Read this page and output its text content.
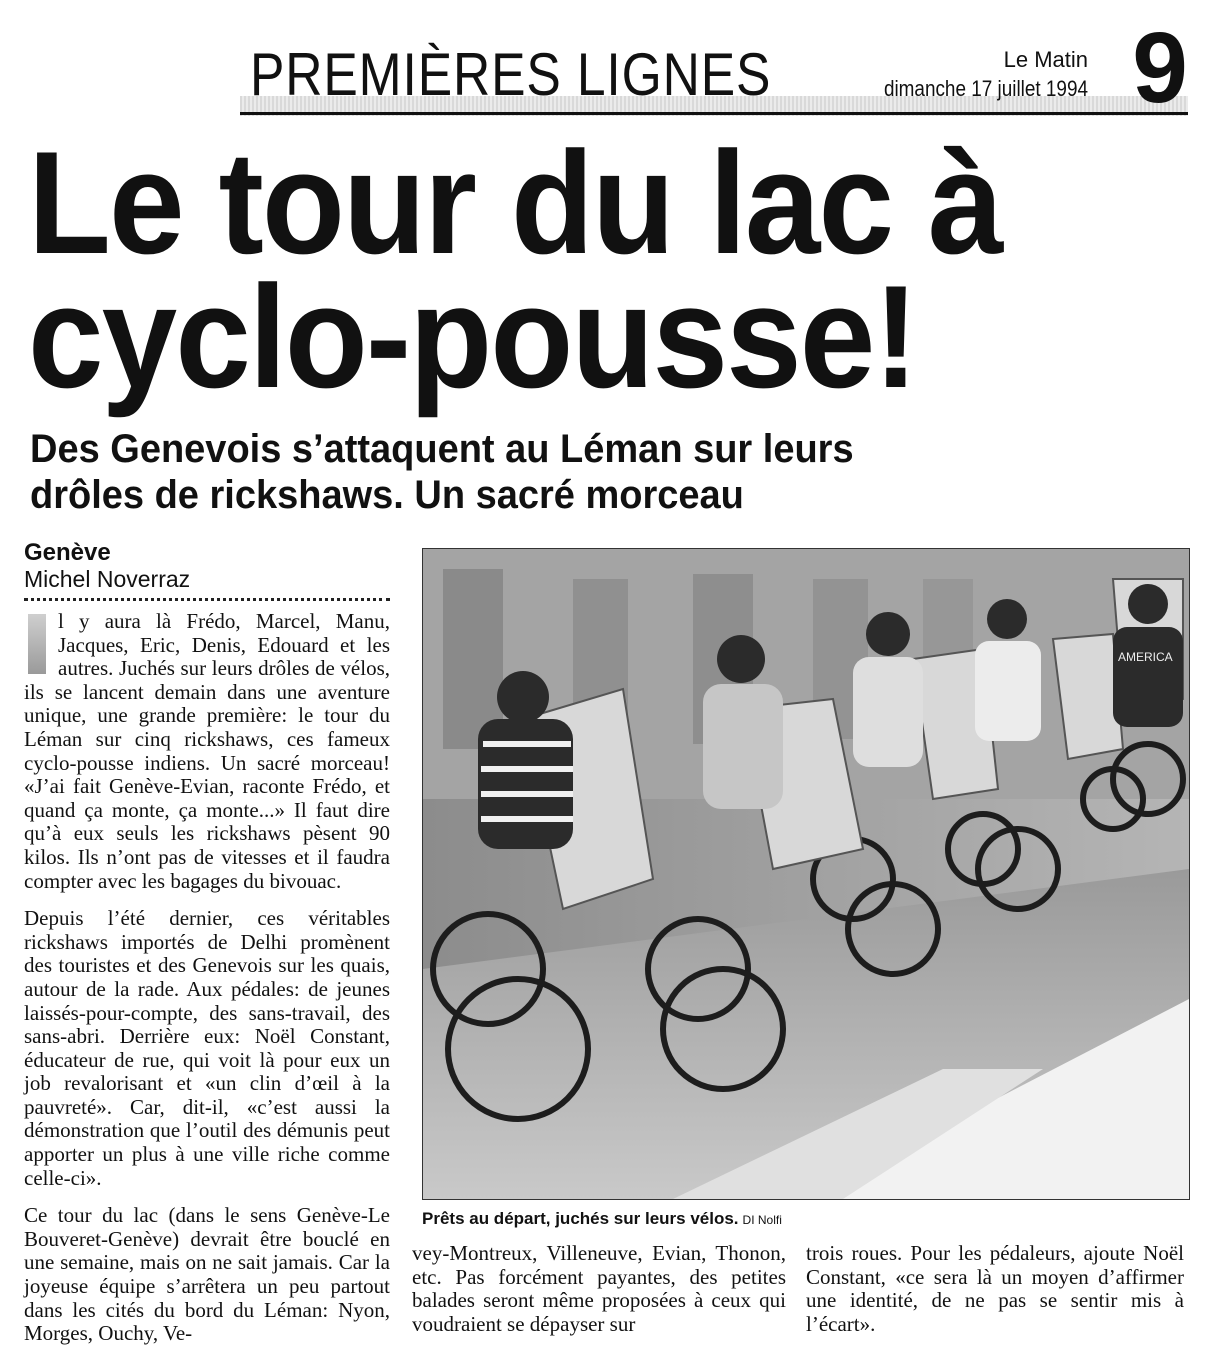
PREMIÈRES LIGNES	Le Matin
dimanche 17 juillet 1994 9
Le tour du lac à
cyclo-pousse!
Des Genevois s’attaquent au Léman sur leurs
drôles de rickshaws. Un sacré morceau
Genève
Michel Noverraz

l y aura là Frédo, Marcel, Manu, Jacques, Eric, Denis, Edouard et les autres. Juchés sur leurs drôles de vélos, ils se lancent demain dans une aventure unique, une grande première: le tour du Léman sur cinq rickshaws, ces fameux cyclo-pousse indiens. Un sacré morceau! «J’ai fait Genève-Evian, raconte Frédo, et quand ça monte, ça monte...» Il faut dire qu’à eux seuls les rickshaws pèsent 90 kilos. Ils n’ont pas de vitesses et il faudra compter avec les bagages du bivouac.

Depuis l’été dernier, ces véritables rickshaws importés de Delhi promènent des touristes et des Genevois sur les quais, autour de la rade. Aux pédales: de jeunes laissés-pour-compte, des sans-travail, des sans-abri. Derrière eux: Noël Constant, éducateur de rue, qui voit là pour eux un job revalorisant et «un clin d’œil à la pauvreté». Car, dit-il, «c’est aussi la démonstration que l’outil des démunis peut apporter un plus à une ville riche comme celle-ci».

Ce tour du lac (dans le sens Genève-Le Bouveret-Genève) devrait être bouclé en une semaine, mais on ne sait jamais. Car la joyeuse équipe s’arrêtera un peu partout dans les cités du bord du Léman: Nyon, Morges, Ouchy, Ve-

AMERICA
Prêts au départ, juchés sur leurs vélos. DI Nolfi

vey-Montreux, Villeneuve, Evian, Thonon, etc. Pas forcément payantes, des petites balades seront même proposées à ceux qui voudraient se dépayser sur

trois roues. Pour les pédaleurs, ajoute Noël Constant, «ce sera là un moyen d’affirmer une identité, de ne pas se sentir mis à l’écart».
